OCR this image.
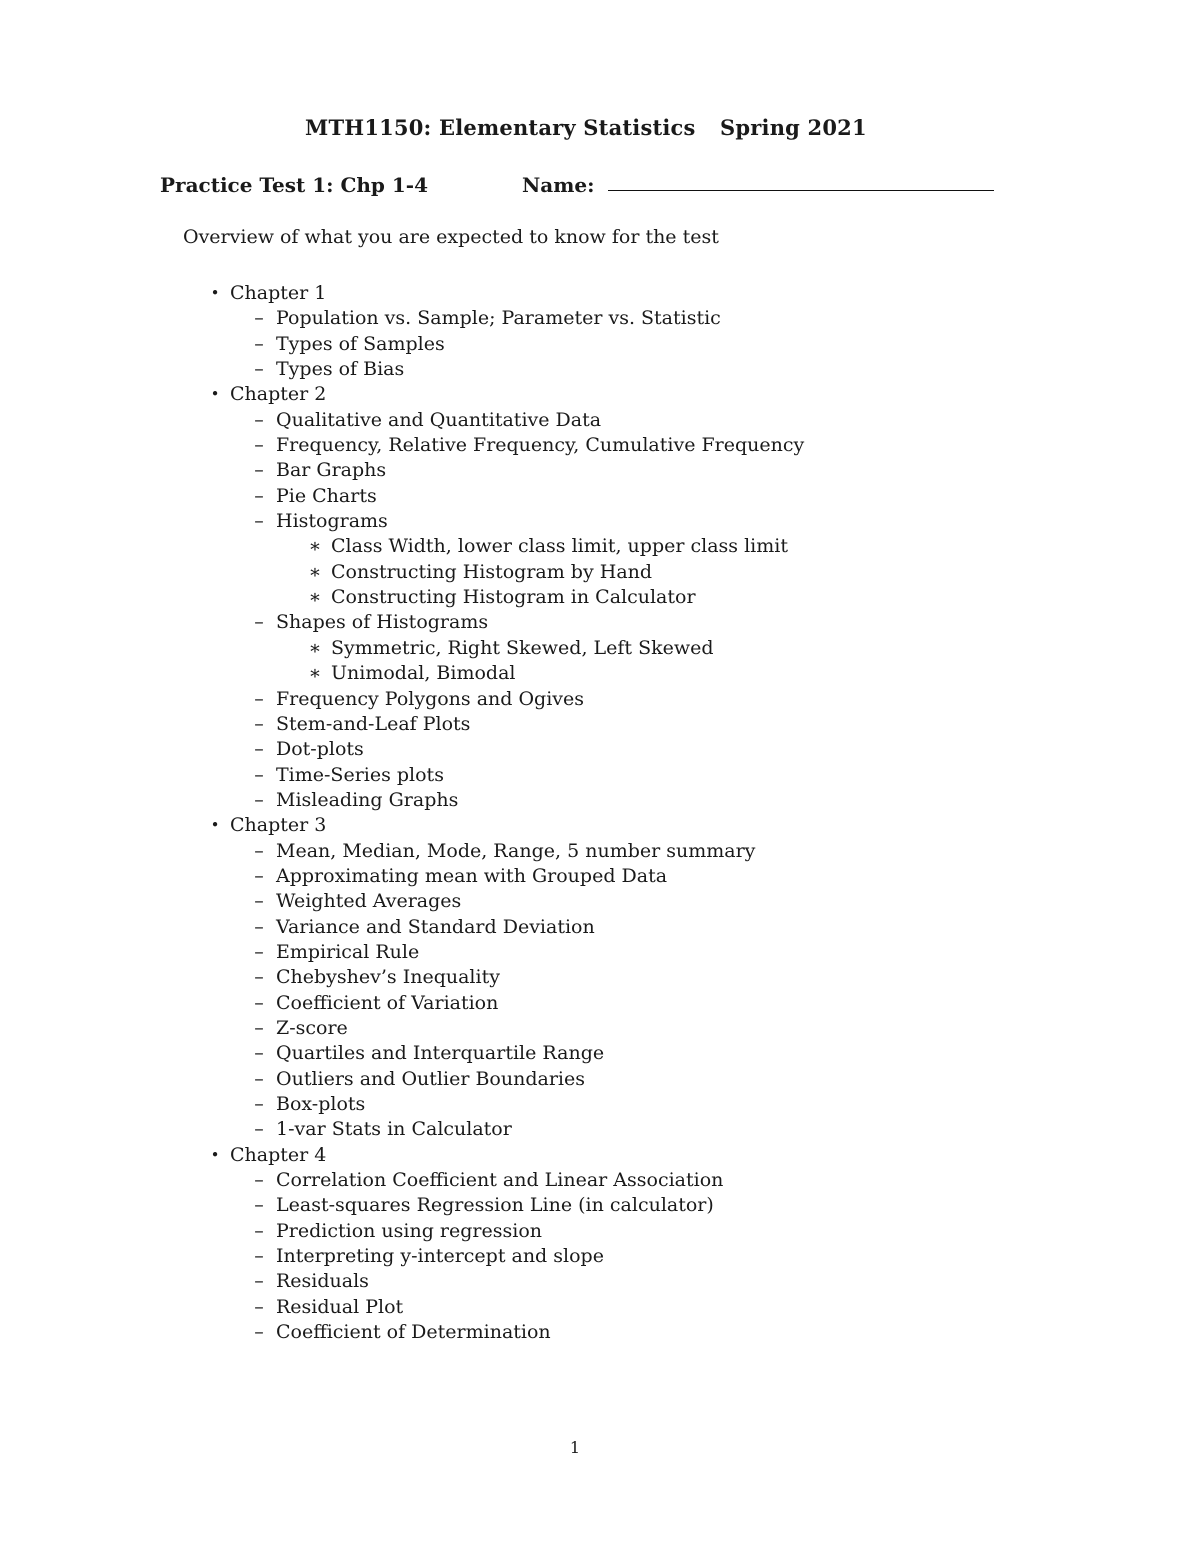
MTH1150: Elementary Statistics Spring 2021
Practice Test 1: Chp 1-4	Name:
Overview of what you are expected to know for the test
• Chapter 1
– Population vs. Sample; Parameter vs. Statistic
– Types of Samples
– Types of Bias
• Chapter 2
– Qualitative and Quantitative Data
– Frequency, Relative Frequency, Cumulative Frequency
– Bar Graphs
– Pie Charts
– Histograms
∗ Class Width, lower class limit, upper class limit
∗ Constructing Histogram by Hand
∗ Constructing Histogram in Calculator
– Shapes of Histograms
∗ Symmetric, Right Skewed, Left Skewed
∗ Unimodal, Bimodal
– Frequency Polygons and Ogives
– Stem-and-Leaf Plots
– Dot-plots
– Time-Series plots
– Misleading Graphs
• Chapter 3
– Mean, Median, Mode, Range, 5 number summary
– Approximating mean with Grouped Data
– Weighted Averages
– Variance and Standard Deviation
– Empirical Rule
– Chebyshev’s Inequality
– Coefficient of Variation
– Z-score
– Quartiles and Interquartile Range
– Outliers and Outlier Boundaries
– Box-plots
– 1-var Stats in Calculator
• Chapter 4
– Correlation Coefficient and Linear Association
– Least-squares Regression Line (in calculator)
– Prediction using regression
– Interpreting y-intercept and slope
– Residuals
– Residual Plot
– Coefficient of Determination
1
